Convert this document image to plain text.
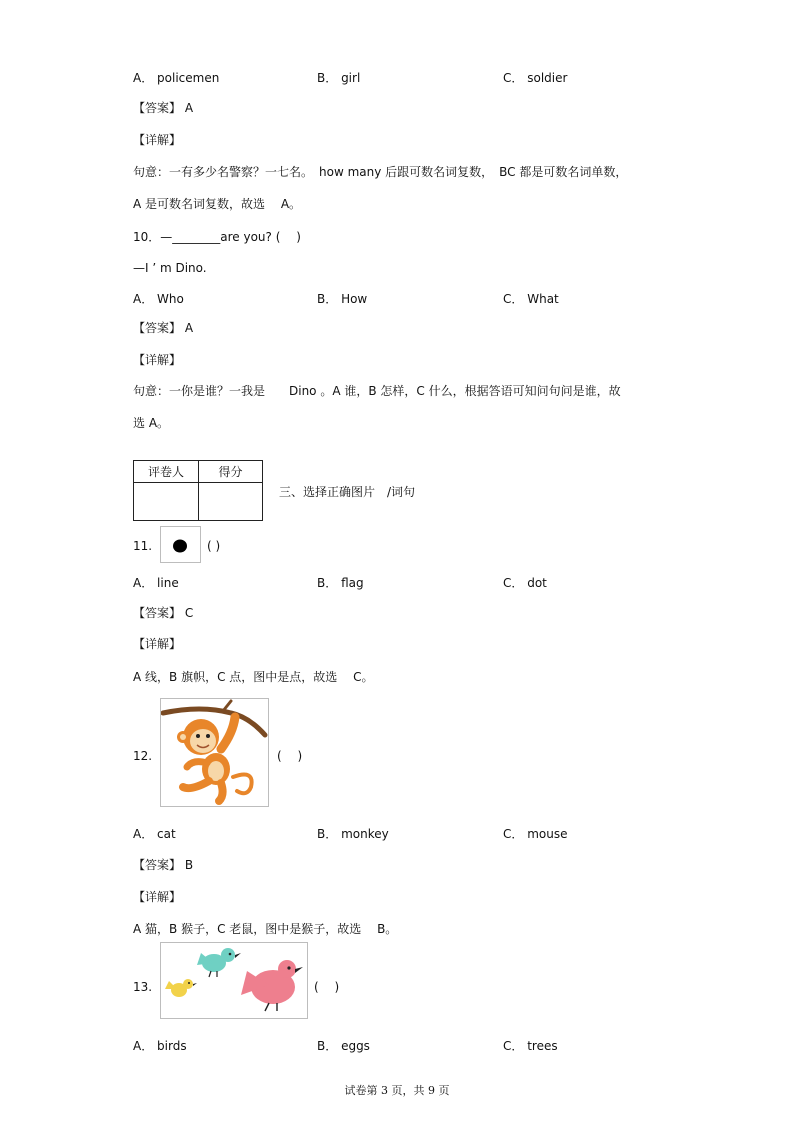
A． policemen	B． girl	C． soldier
【答案】 A
【详解】
句意：一有多少名警察？一七名。　how many 后跟可数名词复数，　BC 都是可数名词单数，
A 是可数名词复数，故选　 A。
10．—________are you? (　 )
—I ’ m Dino.
A． Who	B． How	C． What
【答案】 A
【详解】
句意：一你是谁？一我是　　Dino 。A 谁，B 怎样，C 什么，根据答语可知问句问是谁，故
选 A。
评卷人	得分

三、选择正确图片　/词句
11.	( )
A． line	B． flag	C． dot
【答案】 C
【详解】
A 线，B 旗帜，C 点，图中是点，故选　 C。
12.	(　 )
A． cat	B． monkey	C． mouse
【答案】 B
【详解】
A 猫，B 猴子，C 老鼠，图中是猴子，故选　 B。
13.	(　 )
A． birds	B． eggs	C． trees
试卷第 3 页，共 9 页
